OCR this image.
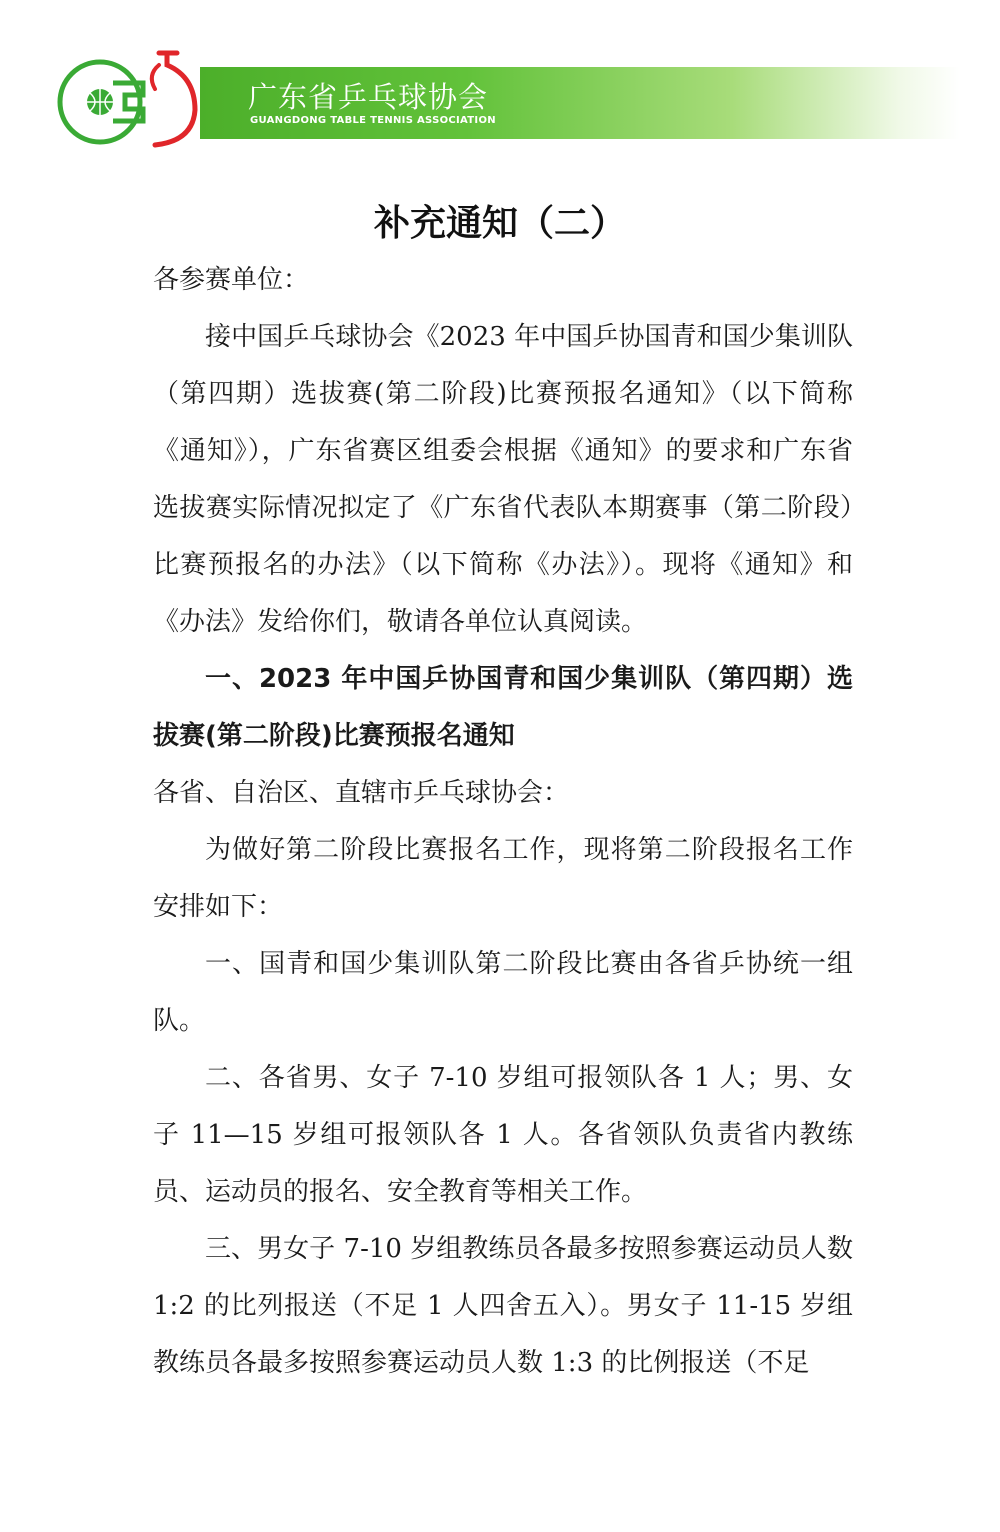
广东省乒乓球协会
GUANGDONG TABLE TENNIS ASSOCIATION
补充通知（二）

各参赛单位：

接中国乒乓球协会《2023 年中国乒协国青和国少集训队（第四期）选拔赛(第二阶段)比赛预报名通知》（以下简称《通知》），广东省赛区组委会根据《通知》的要求和广东省选拔赛实际情况拟定了《广东省代表队本期赛事（第二阶段）比赛预报名的办法》（以下简称《办法》）。现将《通知》和《办法》发给你们，敬请各单位认真阅读。

一、2023 年中国乒协国青和国少集训队（第四期）选拔赛(第二阶段)比赛预报名通知

各省、自治区、直辖市乒乓球协会：

为做好第二阶段比赛报名工作，现将第二阶段报名工作安排如下：

一、国青和国少集训队第二阶段比赛由各省乒协统一组队。

二、各省男、女子 7-10 岁组可报领队各 1 人；男、女子 11—15 岁组可报领队各 1 人。各省领队负责省内教练员、运动员的报名、安全教育等相关工作。

三、男女子 7-10 岁组教练员各最多按照参赛运动员人数 1:2 的比列报送（不足 1 人四舍五入）。男女子 11-15 岁组教练员各最多按照参赛运动员人数 1:3 的比例报送（不足
